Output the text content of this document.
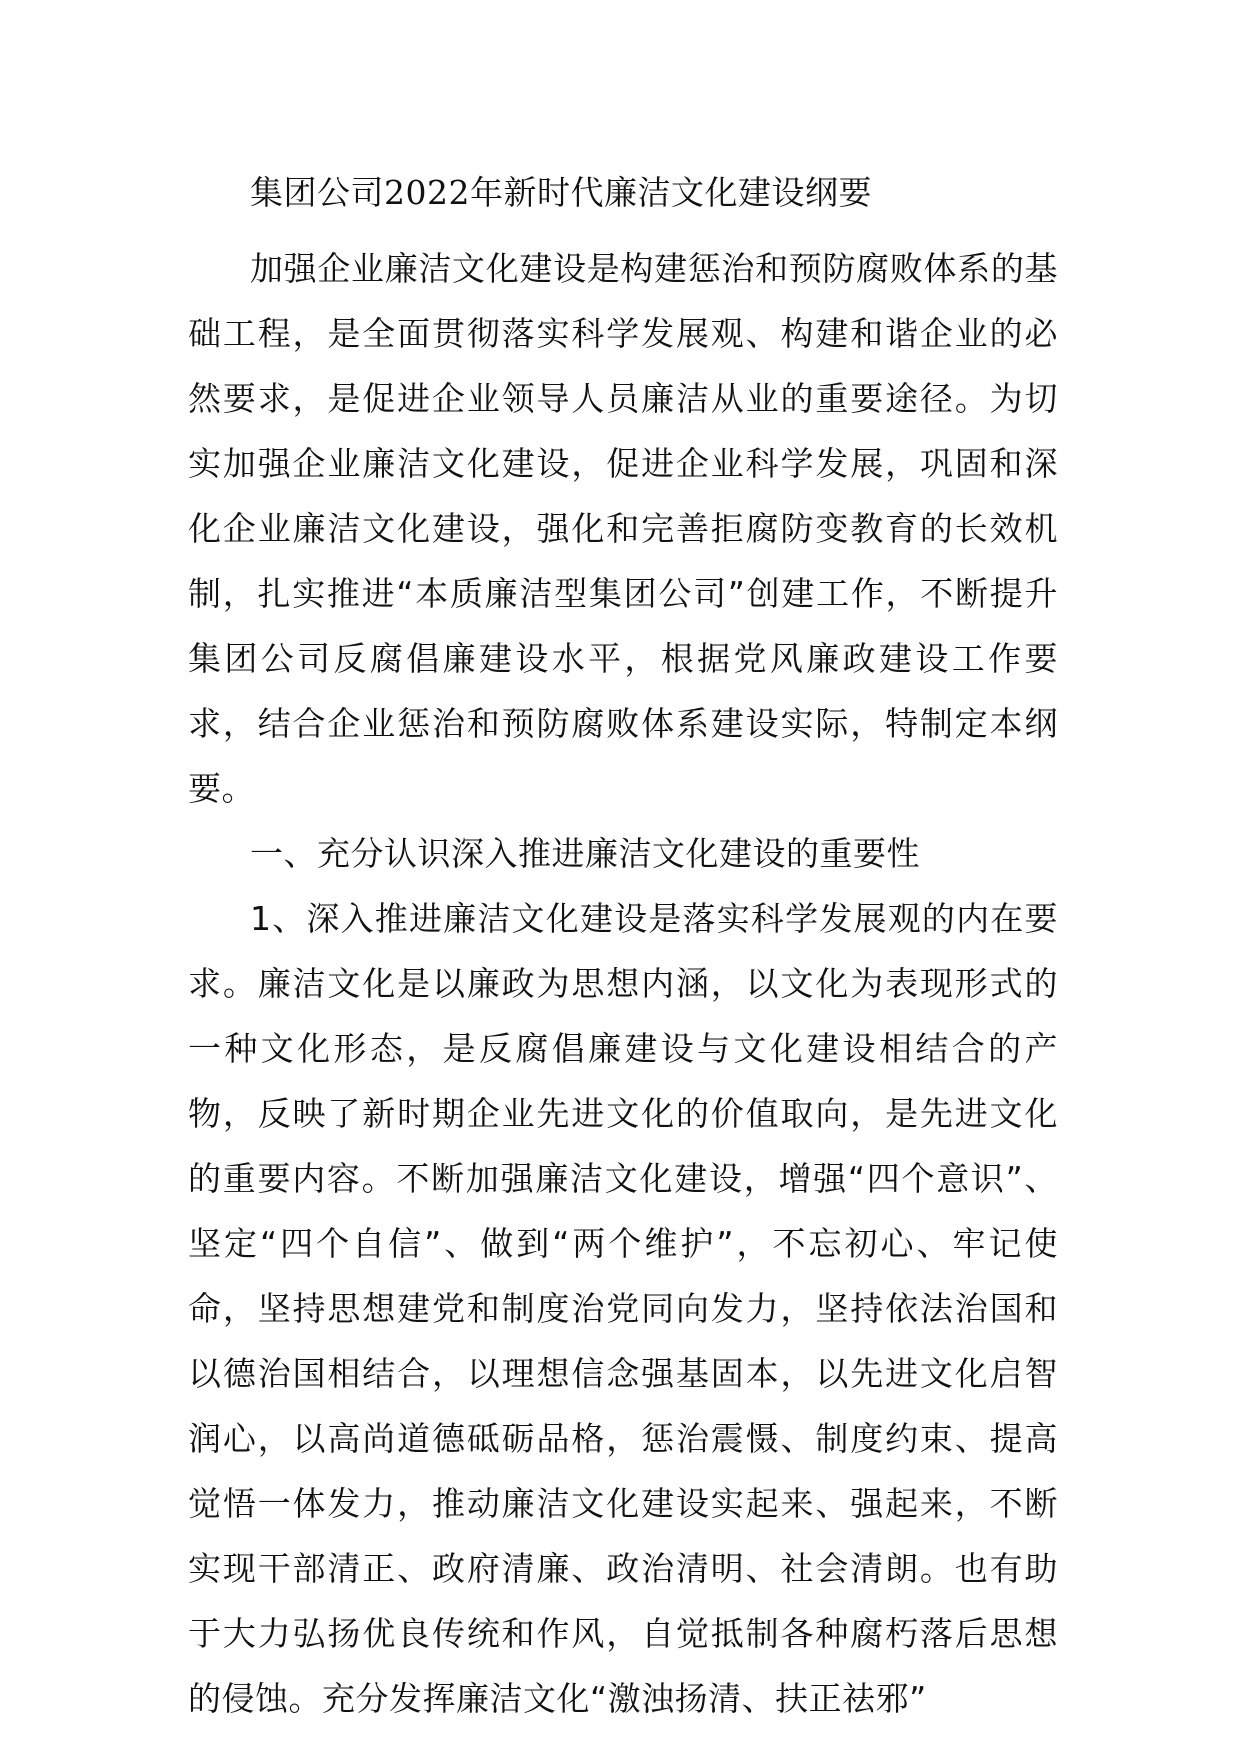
集团公司2022年新时代廉洁文化建设纲要

加强企业廉洁文化建设是构建惩治和预防腐败体系的基础工程，是全面贯彻落实科学发展观、构建和谐企业的必然要求，是促进企业领导人员廉洁从业的重要途径。为切实加强企业廉洁文化建设，促进企业科学发展，巩固和深化企业廉洁文化建设，强化和完善拒腐防变教育的长效机制，扎实推进“本质廉洁型集团公司”创建工作，不断提升集团公司反腐倡廉建设水平，根据党风廉政建设工作要求，结合企业惩治和预防腐败体系建设实际，特制定本纲要。

一、充分认识深入推进廉洁文化建设的重要性

1、深入推进廉洁文化建设是落实科学发展观的内在要求。廉洁文化是以廉政为思想内涵，以文化为表现形式的一种文化形态，是反腐倡廉建设与文化建设相结合的产物，反映了新时期企业先进文化的价值取向，是先进文化的重要内容。不断加强廉洁文化建设，增强“四个意识”、坚定“四个自信”、做到“两个维护”，不忘初心、牢记使命，坚持思想建党和制度治党同向发力，坚持依法治国和以德治国相结合，以理想信念强基固本，以先进文化启智润心，以高尚道德砥砺品格，惩治震慑、制度约束、提高觉悟一体发力，推动廉洁文化建设实起来、强起来，不断实现干部清正、政府清廉、政治清明、社会清朗。也有助于大力弘扬优良传统和作风，自觉抵制各种腐朽落后思想的侵蚀。充分发挥廉洁文化“激浊扬清、扶正祛邪”
